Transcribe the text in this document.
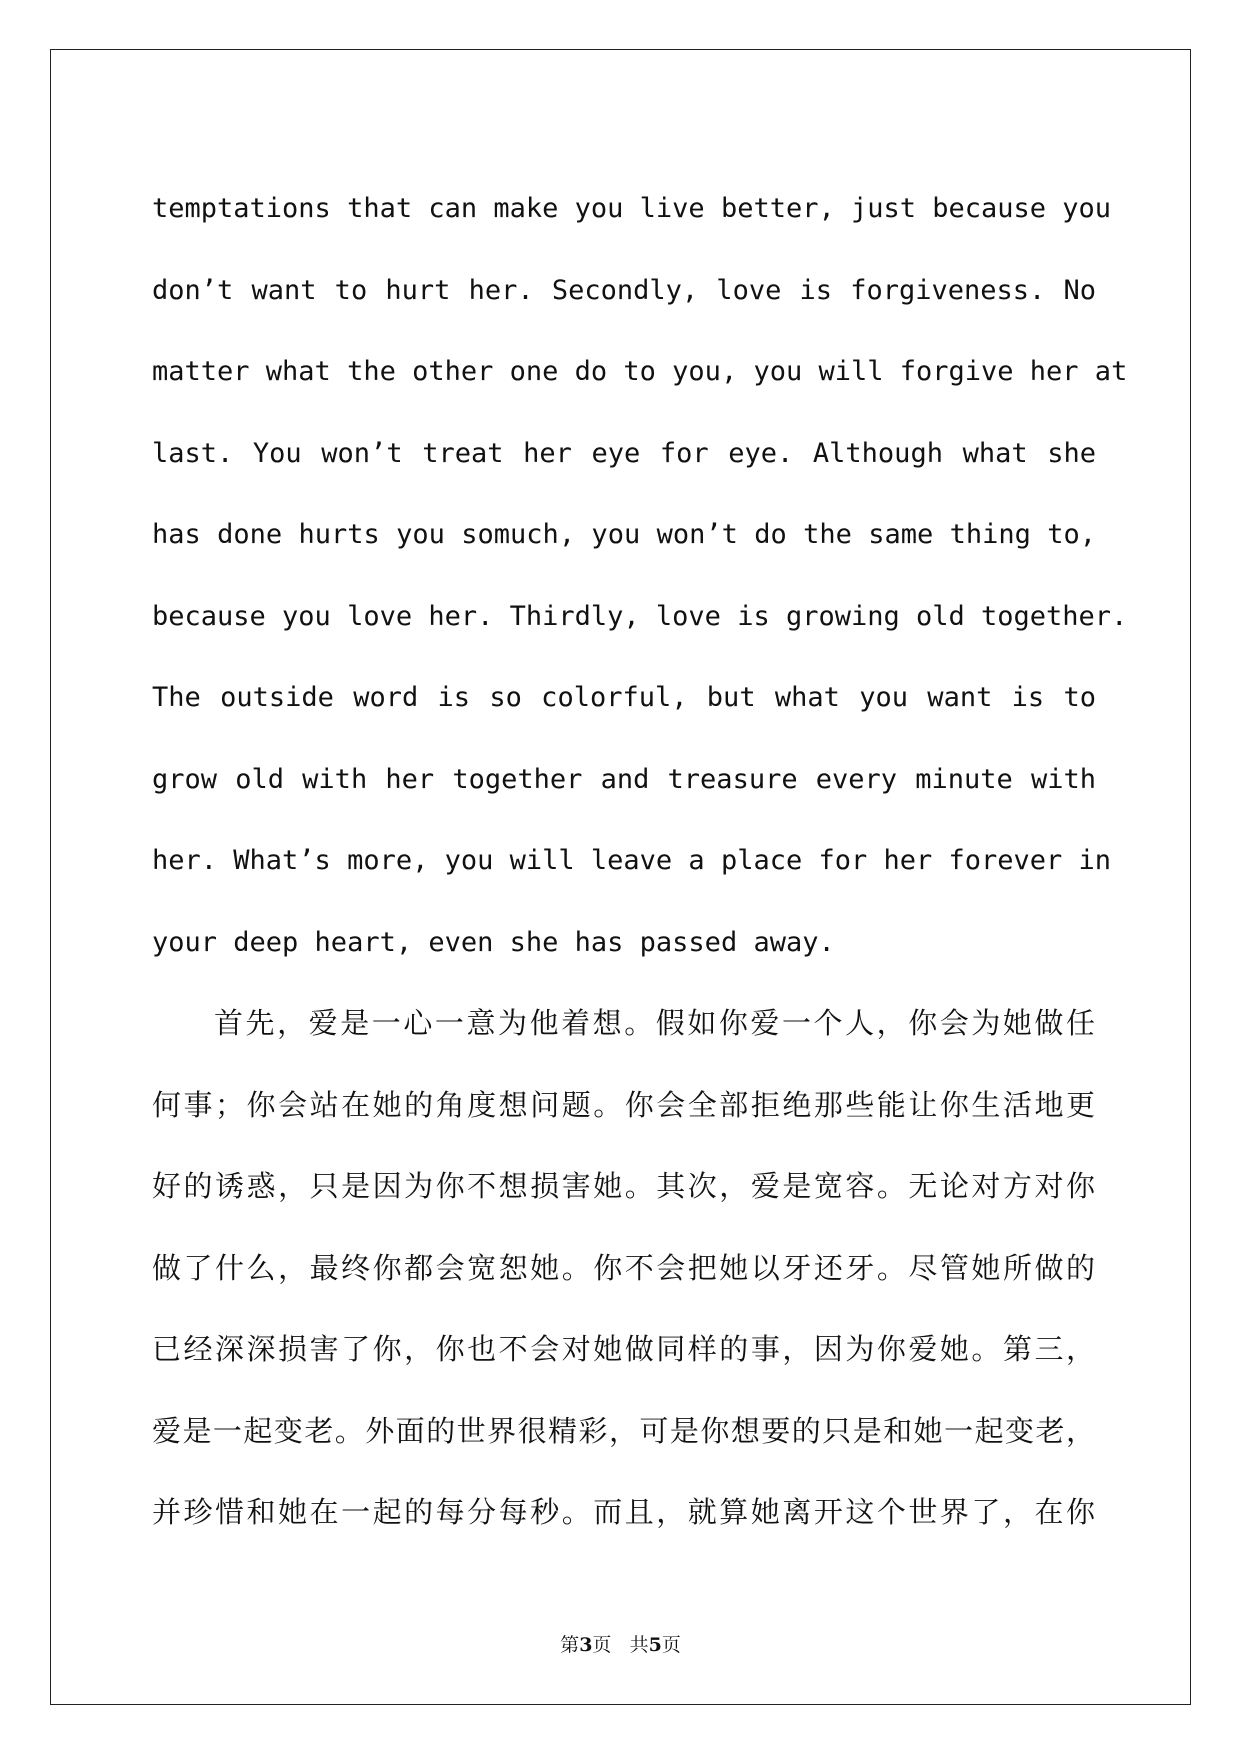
temptations that can make you live better, just because you
don’t want to hurt her. Secondly, love is forgiveness. No
matter what the other one do to you, you will forgive her at
last. You won’t treat her eye for eye. Although what she
has done hurts you somuch, you won’t do the same thing to,
because you love her. Thirdly, love is growing old together.
The outside word is so colorful, but what you want is to
grow old with her together and treasure every minute with
her. What’s more, you will leave a place for her forever in
your deep heart, even she has passed away.
首先，爱是一心一意为他着想。假如你爱一个人，你会为她做任
何事；你会站在她的角度想问题。你会全部拒绝那些能让你生活地更
好的诱惑，只是因为你不想损害她。其次，爱是宽容。无论对方对你
做了什么，最终你都会宽恕她。你不会把她以牙还牙。尽管她所做的
已经深深损害了你，你也不会对她做同样的事，因为你爱她。第三，
爱是一起变老。外面的世界很精彩，可是你想要的只是和她一起变老，
并珍惜和她在一起的每分每秒。而且，就算她离开这个世界了，在你
第3页 共5页
